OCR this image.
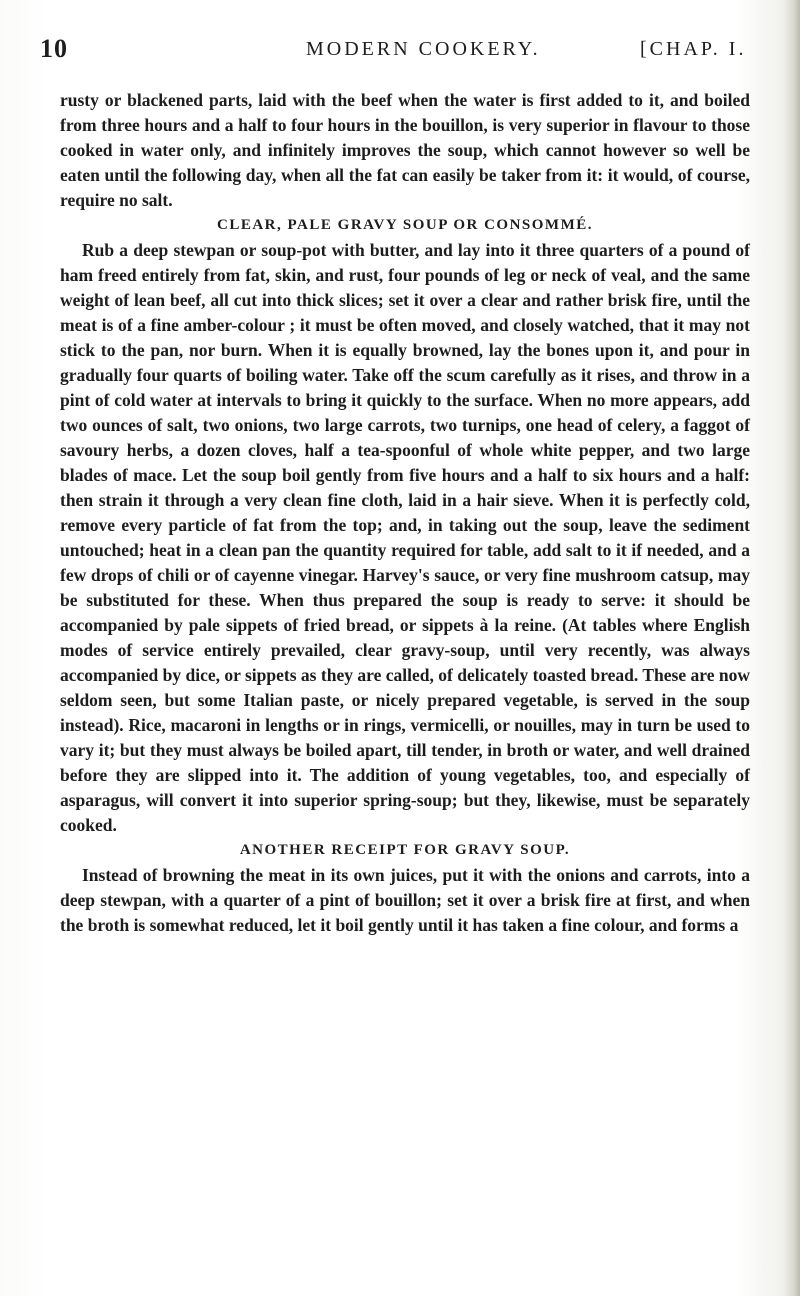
10	MODERN COOKERY.	[CHAP. I.

rusty or blackened parts, laid with the beef when the water is first added to it, and boiled from three hours and a half to four hours in the bouillon, is very superior in flavour to those cooked in water only, and infinitely improves the soup, which cannot however so well be eaten until the following day, when all the fat can easily be taker from it: it would, of course, require no salt.

CLEAR, PALE GRAVY SOUP OR CONSOMMÉ.

Rub a deep stewpan or soup-pot with butter, and lay into it three quarters of a pound of ham freed entirely from fat, skin, and rust, four pounds of leg or neck of veal, and the same weight of lean beef, all cut into thick slices; set it over a clear and rather brisk fire, until the meat is of a fine amber-colour ; it must be often moved, and closely watched, that it may not stick to the pan, nor burn. When it is equally browned, lay the bones upon it, and pour in gradually four quarts of boiling water. Take off the scum carefully as it rises, and throw in a pint of cold water at intervals to bring it quickly to the surface. When no more appears, add two ounces of salt, two onions, two large carrots, two turnips, one head of celery, a faggot of savoury herbs, a dozen cloves, half a tea-spoonful of whole white pepper, and two large blades of mace. Let the soup boil gently from five hours and a half to six hours and a half: then strain it through a very clean fine cloth, laid in a hair sieve. When it is perfectly cold, remove every particle of fat from the top; and, in taking out the soup, leave the sediment untouched; heat in a clean pan the quantity required for table, add salt to it if needed, and a few drops of chili or of cayenne vinegar. Harvey's sauce, or very fine mushroom catsup, may be substituted for these. When thus prepared the soup is ready to serve: it should be accompanied by pale sippets of fried bread, or sippets à la reine. (At tables where English modes of service entirely prevailed, clear gravy-soup, until very recently, was always accompanied by dice, or sippets as they are called, of delicately toasted bread. These are now seldom seen, but some Italian paste, or nicely prepared vegetable, is served in the soup instead). Rice, macaroni in lengths or in rings, vermicelli, or nouilles, may in turn be used to vary it; but they must always be boiled apart, till tender, in broth or water, and well drained before they are slipped into it. The addition of young vegetables, too, and especially of asparagus, will convert it into superior spring-soup; but they, likewise, must be separately cooked.

ANOTHER RECEIPT FOR GRAVY SOUP.

Instead of browning the meat in its own juices, put it with the onions and carrots, into a deep stewpan, with a quarter of a pint of bouillon; set it over a brisk fire at first, and when the broth is somewhat reduced, let it boil gently until it has taken a fine colour, and forms a
